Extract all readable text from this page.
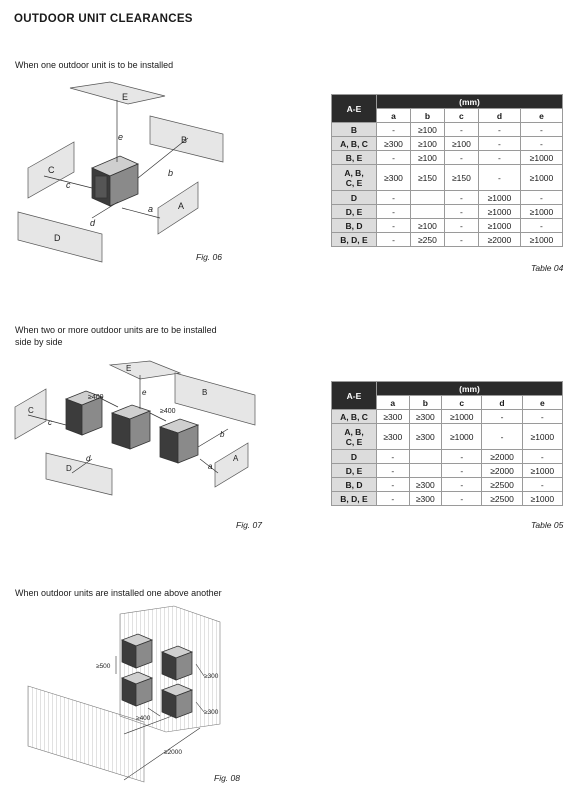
OUTDOOR UNIT CLEARANCES
When one outdoor unit is to be installed
E
B
C
A
D
e
b
c
d
a
Fig. 06
A-E	(mm)				
	a	b	c	d	e
B	-	≥100	-	-	-
A, B, C	≥300	≥100	≥100	-	-
B, E	-	≥100	-	-	≥1000
A, B,
C, E	≥300	≥150	≥150	-	≥1000
D	-		-	≥1000	-
D, E	-		-	≥1000	≥1000
B, D	-	≥100	-	≥1000	-
B, D, E	-	≥250	-	≥2000	≥1000
Table 04
When two or more outdoor units are to be installed
side by side
E
B
C
A
D
e
b
c
d
a
≥400
≥400
Fig. 07
A-E	(mm)				
	a	b	c	d	e
A, B, C	≥300	≥300	≥1000	-	-
A, B,
C, E	≥300	≥300	≥1000	-	≥1000
D	-		-	≥2000	-
D, E	-		-	≥2000	≥1000
B, D	-	≥300	-	≥2500	-
B, D, E	-	≥300	-	≥2500	≥1000
Table 05
When outdoor units are installed one above another
≥500
≥300
≥300
≥400
≥2000
Fig. 08
